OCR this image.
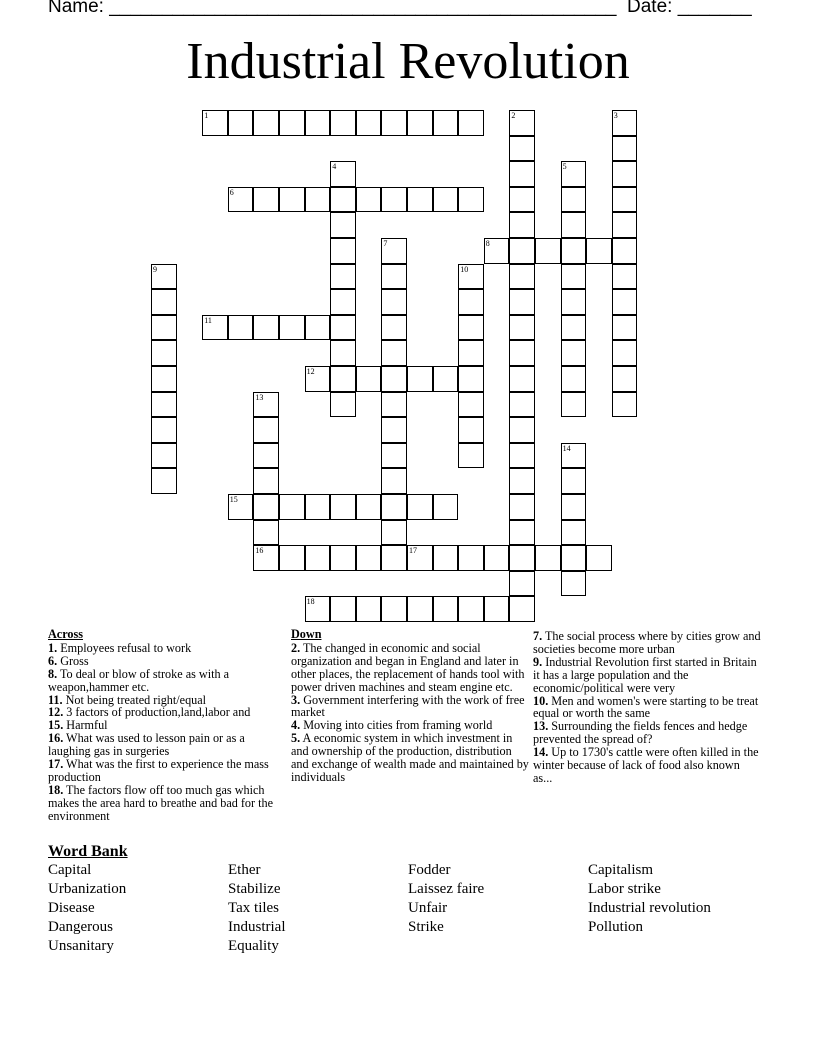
Name: ________________________________________________ Date: _______
Industrial Revolution
1	2	3
4	5
6
7	8
9	10
11
12
13
16
14
15
17
18
Across
1. Employees refusal to work
6. Gross
8. To deal or blow of stroke as with a weapon,hammer etc.
11. Not being treated right/equal
12. 3 factors of production,land,labor and
15. Harmful
16. What was used to lesson pain or as a laughing gas in surgeries
17. What was the first to experience the mass production
18. The factors flow off too much gas which makes the area hard to breathe and bad for the environment
Down
2. The changed in economic and social organization and began in England and later in other places, the replacement of hands tool with power driven machines and steam engine etc.
3. Government interfering with the work of free market
4. Moving into cities from framing world
5. A economic system in which investment in and ownership of the production, distribution and exchange of wealth made and maintained by individuals
7. The social process where by cities grow and societies become more urban
9. Industrial Revolution first started in Britain it has a large population and the economic/political were very
10. Men and women's were starting to be treat equal or worth the same
13. Surrounding the fields fences and hedge prevented the spread of?
14. Up to 1730's cattle were often killed in the winter because of lack of food also known as...
Word Bank
Capital	Ether	Fodder	Capitalism
Urbanization	Stabilize	Laissez faire	Labor strike
Disease	Tax tiles	Unfair	Industrial revolution
Dangerous	Industrial	Strike	Pollution
Unsanitary	Equality
